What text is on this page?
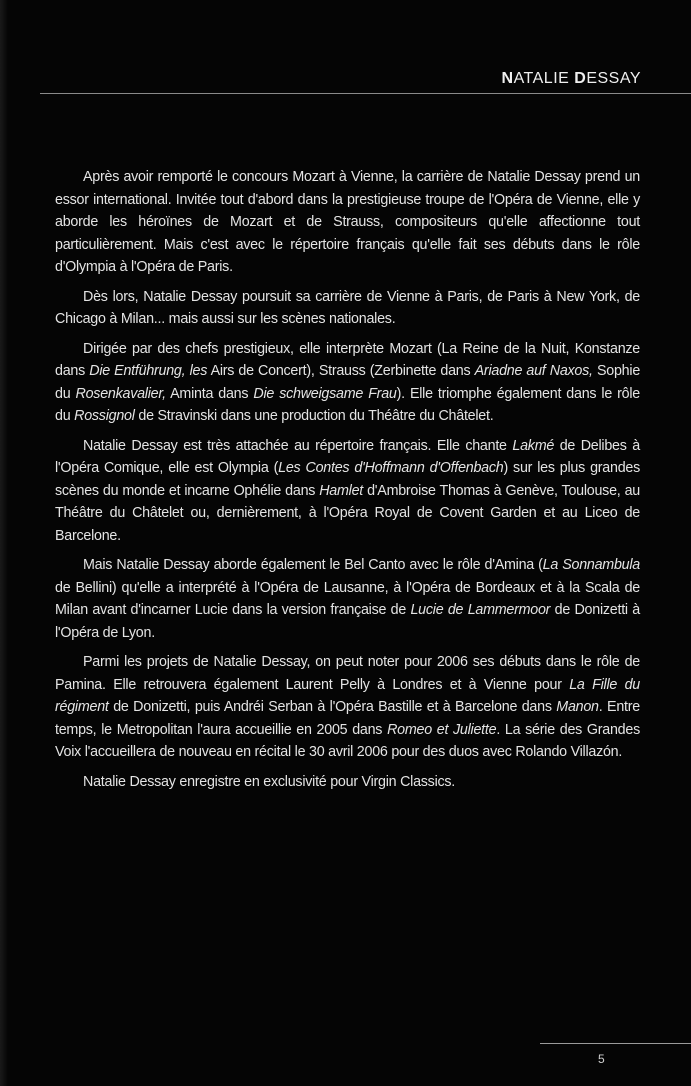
NATALIE DESSAY

Après avoir remporté le concours Mozart à Vienne, la carrière de Natalie Dessay prend un essor international. Invitée tout d'abord dans la prestigieuse troupe de l'Opéra de Vienne, elle y aborde les héroïnes de Mozart et de Strauss, compositeurs qu'elle affectionne tout particulièrement. Mais c'est avec le répertoire français qu'elle fait ses débuts dans le rôle d'Olympia à l'Opéra de Paris.

Dès lors, Natalie Dessay poursuit sa carrière de Vienne à Paris, de Paris à New York, de Chicago à Milan... mais aussi sur les scènes nationales.

Dirigée par des chefs prestigieux, elle interprète Mozart (La Reine de la Nuit, Konstanze dans Die Entführung, les Airs de Concert), Strauss (Zerbinette dans Ariadne auf Naxos, Sophie du Rosenkavalier, Aminta dans Die schweigsame Frau). Elle triomphe également dans le rôle du Rossignol de Stravinski dans une production du Théâtre du Châtelet.

Natalie Dessay est très attachée au répertoire français. Elle chante Lakmé de Delibes à l'Opéra Comique, elle est Olympia (Les Contes d'Hoffmann d'Offenbach) sur les plus grandes scènes du monde et incarne Ophélie dans Hamlet d'Ambroise Thomas à Genève, Toulouse, au Théâtre du Châtelet ou, dernièrement, à l'Opéra Royal de Covent Garden et au Liceo de Barcelone.

Mais Natalie Dessay aborde également le Bel Canto avec le rôle d'Amina (La Sonnambula de Bellini) qu'elle a interprété à l'Opéra de Lausanne, à l'Opéra de Bordeaux et à la Scala de Milan avant d'incarner Lucie dans la version française de Lucie de Lammermoor de Donizetti à l'Opéra de Lyon.

Parmi les projets de Natalie Dessay, on peut noter pour 2006 ses débuts dans le rôle de Pamina. Elle retrouvera également Laurent Pelly à Londres et à Vienne pour La Fille du régiment de Donizetti, puis Andréi Serban à l'Opéra Bastille et à Barcelone dans Manon. Entre temps, le Metropolitan l'aura accueillie en 2005 dans Romeo et Juliette. La série des Grandes Voix l'accueillera de nouveau en récital le 30 avril 2006 pour des duos avec Rolando Villazón.

Natalie Dessay enregistre en exclusivité pour Virgin Classics.

5
